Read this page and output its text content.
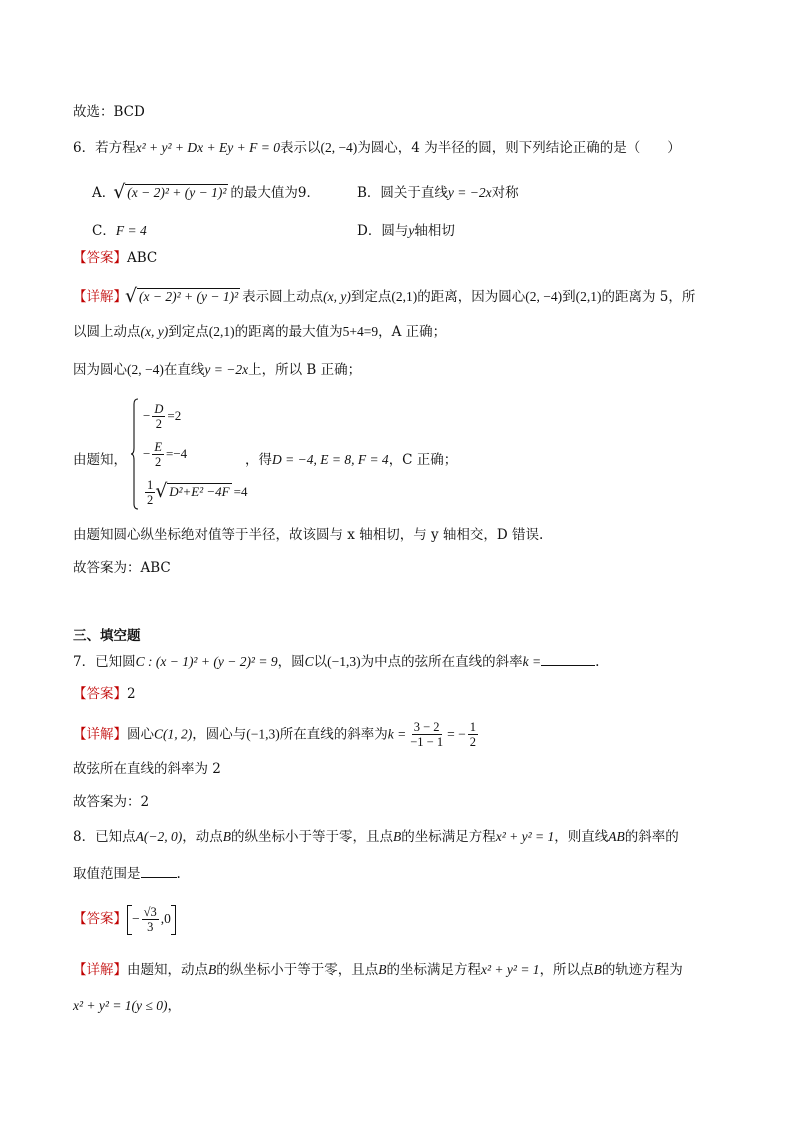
故选：BCD
6．若方程x² + y² + Dx + Ey + F = 0表示以(2, −4)为圆心，4 为半径的圆，则下列结论正确的是（　　）
A． √ (x − 2)² + (y − 1)² 的最大值为9．	B．圆关于直线y = −2x对称
C．F = 4	D．圆与y轴相切
【答案】ABC
【详解】 √ (x − 2)² + (y − 1)² 表示圆上动点(x, y)到定点(2,1)的距离，因为圆心(2, −4)到(2,1)的距离为 5，所
以圆上动点(x, y)到定点(2,1)的距离的最大值为5+4=9，A 正确；
因为圆心(2, −4)在直线y = −2x上，所以 B 正确；
由题知，
− $\frac{D}{2} =2$
− $\frac{E}{2} =-4$
$\frac{1}{2}$ √ D²+E² −4F =4
，得D = −4, E = 8, F = 4，C 正确；
由题知圆心纵坐标绝对值等于半径，故该圆与 x 轴相切，与 y 轴相交，D 错误.
故答案为：ABC
三、填空题
7．已知圆C : (x − 1)² + (y − 2)² = 9，圆C以(−1,3)为中点的弦所在直线的斜率k =	.
【答案】2
【详解】圆心C(1, 2)，圆心与(−1,3)所在直线的斜率为$k = \frac{3 - 2}{-1 - 1}$ = − $\frac{1}{2}$
故弦所在直线的斜率为 2
故答案为：2
8．已知点A(−2, 0)，动点B的纵坐标小于等于零，且点B的坐标满足方程x² + y² = 1，则直线AB的斜率的
取值范围是	.
【答案】 − $\frac{√3}{3} ,0$
【详解】由题知，动点B的纵坐标小于等于零，且点B的坐标满足方程x² + y² = 1，所以点B的轨迹方程为
x² + y² = 1(y ≤ 0)，
